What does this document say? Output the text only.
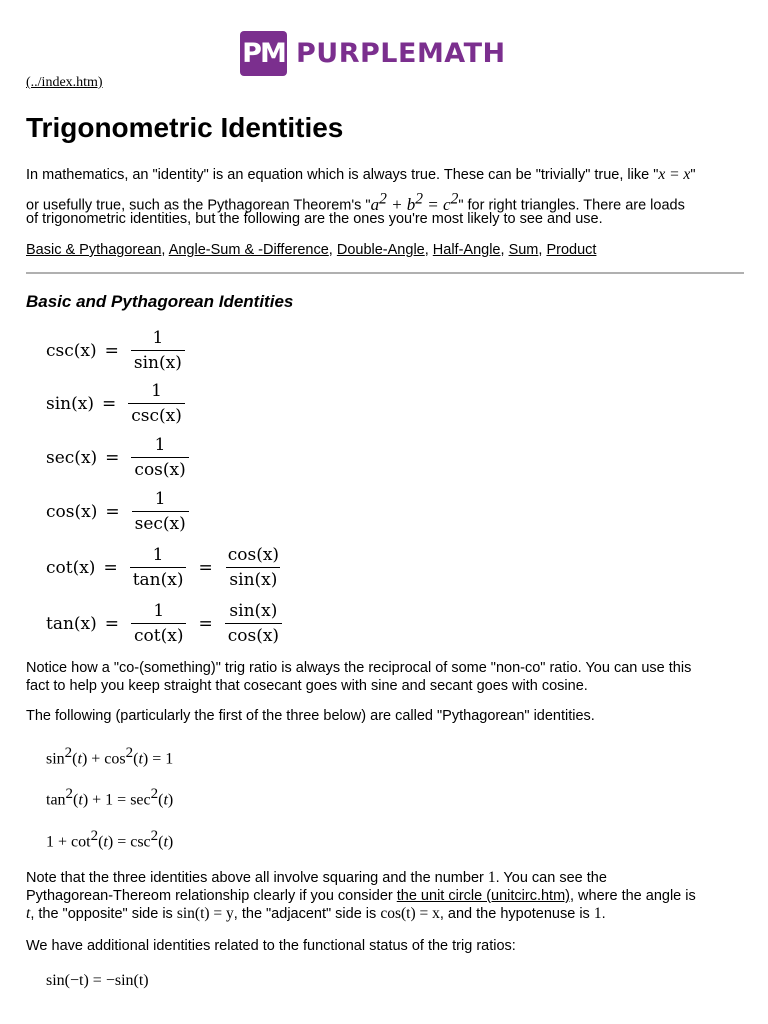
PM PURPLEMATH
(../index.htm)
Trigonometric Identities

In mathematics, an "identity" is an equation which is always true. These can be "trivially" true, like "x = x"

or usefully true, such as the Pythagorean Theorem's "$a^2 + b^2 = c^2$" for right triangles. There are loads

of trigonometric identities, but the following are the ones you're most likely to see and use.

Basic & Pythagorean, Angle-Sum & -Difference, Double-Angle, Half-Angle, Sum, Product
Basic and Pythagorean Identities
$\csc(x) = \frac{1}{\sin(x)}$
$\sin(x) = \frac{1}{\csc(x)}$
$\sec(x) = \frac{1}{\cos(x)}$
$\cos(x) = \frac{1}{\sec(x)}$
$\cot(x) = \frac{1}{\tan(x)} = \frac{\cos(x)}{\sin(x)}$
$\tan(x) = \frac{1}{\cot(x)} = \frac{\sin(x)}{\cos(x)}$

Notice how a "co-(something)" trig ratio is always the reciprocal of some "non-co" ratio. You can use this

fact to help you keep straight that cosecant goes with sine and secant goes with cosine.

The following (particularly the first of the three below) are called "Pythagorean" identities.

$\sin^2(t) + \cos^2(t) = 1$
$\tan^2(t) + 1 = \sec^2(t)$
$1 + \cot^2(t) = \csc^2(t)$

Note that the three identities above all involve squaring and the number 1. You can see the

Pythagorean-Thereom relationship clearly if you consider the unit circle (unitcirc.htm), where the angle is

t, the "opposite" side is sin(t) = y, the "adjacent" side is cos(t) = x, and the hypotenuse is 1.

We have additional identities related to the functional status of the trig ratios:

sin(−t) = −sin(t)
